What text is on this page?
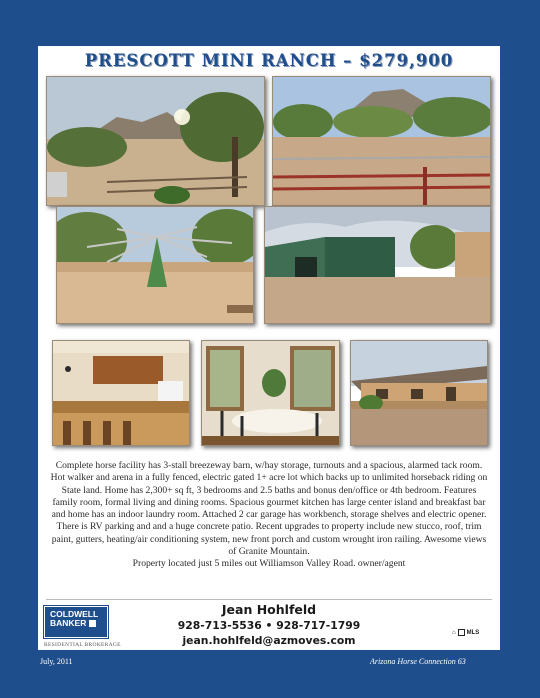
PRESCOTT MINI RANCH – $279,900
Complete horse facility has 3-stall breezeway barn, w/hay storage, turnouts and a spacious, alarmed tack room. Hot walker and arena in a fully fenced, electric gated 1+ acre lot which backs up to unlimited horseback riding on State land. Home has 2,300+ sq ft, 3 bedrooms and 2.5 baths and bonus den/office or 4th bedroom. Features family room, formal living and dining rooms. Spacious gourmet kitchen has large center island and breakfast bar and home has an indoor laundry room. Attached 2 car garage has workbench, storage shelves and electric opener. There is RV parking and and a huge concrete patio. Recent upgrades to property include new stucco, roof, trim paint, gutters, heating/air conditioning system, new front porch and custom wrought iron railing. Awesome views of Granite Mountain.
Property located just 5 miles out Williamson Valley Road. owner/agent
COLDWELL
BANKER
RESIDENTIAL BROKERAGE
Jean Hohlfeld
928-713-5536 • 928-717-1799
jean.hohlfeld@azmoves.com
⌂ MLS
July, 2011	Arizona Horse Connection 63
